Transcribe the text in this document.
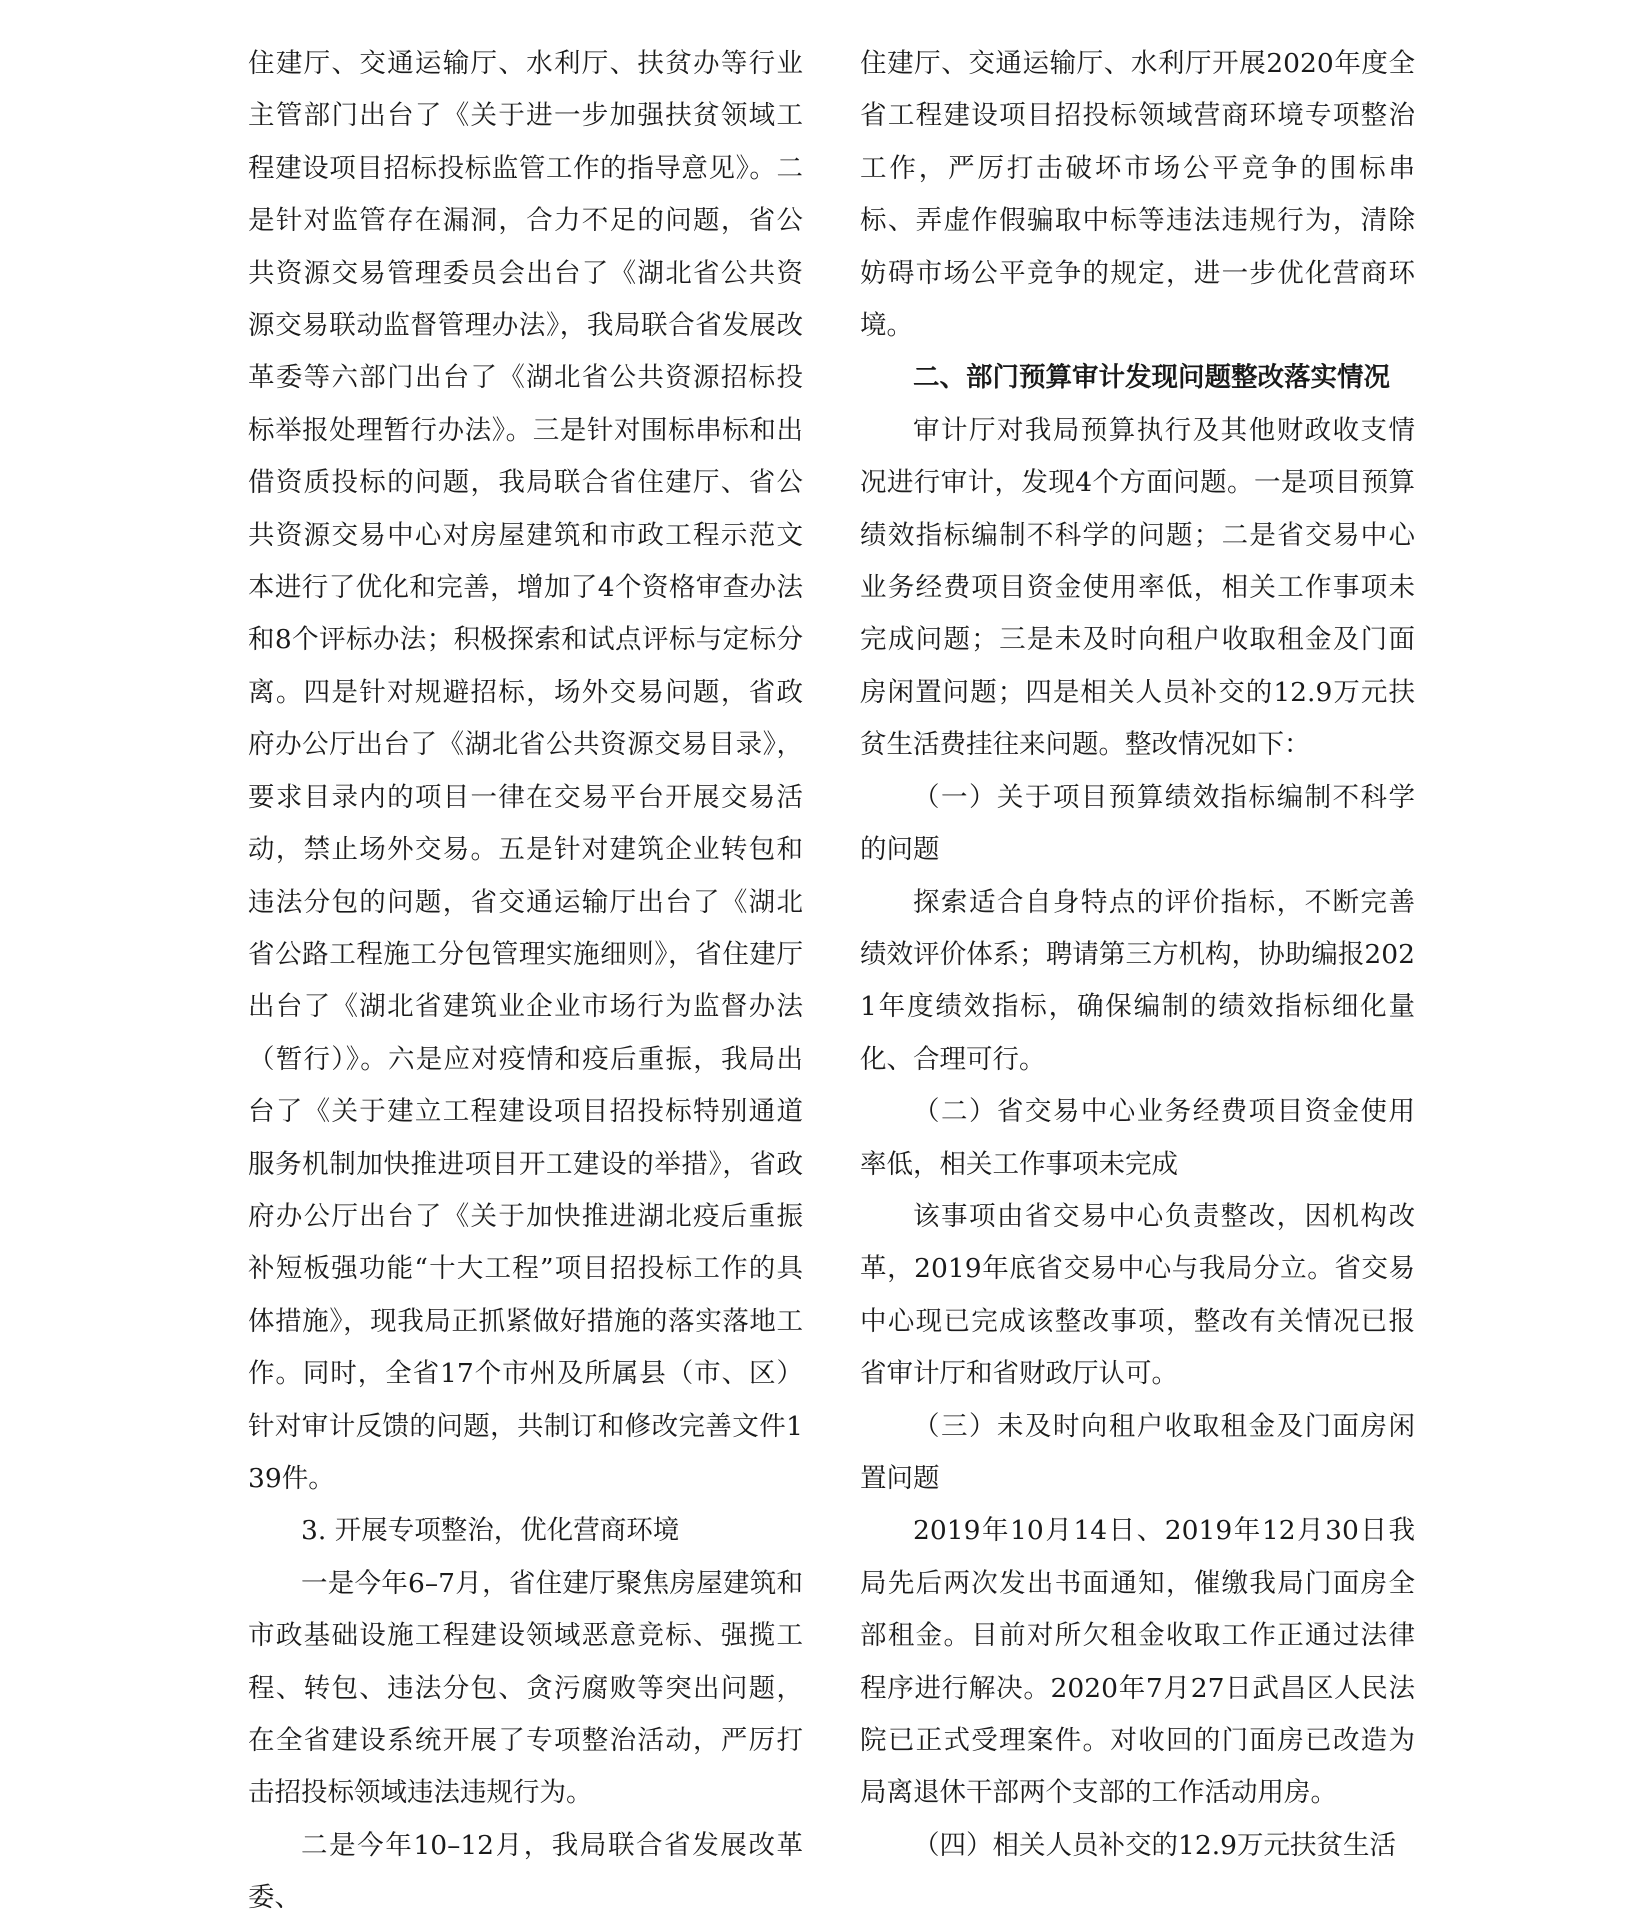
住建厅、交通运输厅、水利厅、扶贫办等行业主管部门出台了《关于进一步加强扶贫领域工程建设项目招标投标监管工作的指导意见》。二是针对监管存在漏洞，合力不足的问题，省公共资源交易管理委员会出台了《湖北省公共资源交易联动监督管理办法》，我局联合省发展改革委等六部门出台了《湖北省公共资源招标投标举报处理暂行办法》。三是针对围标串标和出借资质投标的问题，我局联合省住建厅、省公共资源交易中心对房屋建筑和市政工程示范文本进行了优化和完善，增加了4个资格审查办法和8个评标办法；积极探索和试点评标与定标分离。四是针对规避招标，场外交易问题，省政府办公厅出台了《湖北省公共资源交易目录》，要求目录内的项目一律在交易平台开展交易活动，禁止场外交易。五是针对建筑企业转包和违法分包的问题，省交通运输厅出台了《湖北省公路工程施工分包管理实施细则》，省住建厅出台了《湖北省建筑业企业市场行为监督办法（暂行）》。六是应对疫情和疫后重振，我局出台了《关于建立工程建设项目招投标特别通道服务机制加快推进项目开工建设的举措》，省政府办公厅出台了《关于加快推进湖北疫后重振补短板强功能“十大工程”项目招投标工作的具体措施》，现我局正抓紧做好措施的落实落地工作。同时，全省17个市州及所属县（市、区）针对审计反馈的问题，共制订和修改完善文件139件。

3. 开展专项整治，优化营商环境

一是今年6–7月，省住建厅聚焦房屋建筑和市政基础设施工程建设领域恶意竞标、强揽工程、转包、违法分包、贪污腐败等突出问题，在全省建设系统开展了专项整治活动，严厉打击招投标领域违法违规行为。

二是今年10–12月，我局联合省发展改革委、

住建厅、交通运输厅、水利厅开展2020年度全省工程建设项目招投标领域营商环境专项整治工作，严厉打击破坏市场公平竞争的围标串标、弄虚作假骗取中标等违法违规行为，清除妨碍市场公平竞争的规定，进一步优化营商环境。

二、部门预算审计发现问题整改落实情况

审计厅对我局预算执行及其他财政收支情况进行审计，发现4个方面问题。一是项目预算绩效指标编制不科学的问题；二是省交易中心业务经费项目资金使用率低，相关工作事项未完成问题；三是未及时向租户收取租金及门面房闲置问题；四是相关人员补交的12.9万元扶贫生活费挂往来问题。整改情况如下：

（一）关于项目预算绩效指标编制不科学的问题

探索适合自身特点的评价指标，不断完善绩效评价体系；聘请第三方机构，协助编报2021年度绩效指标，确保编制的绩效指标细化量化、合理可行。

（二）省交易中心业务经费项目资金使用率低，相关工作事项未完成

该事项由省交易中心负责整改，因机构改革，2019年底省交易中心与我局分立。省交易中心现已完成该整改事项，整改有关情况已报省审计厅和省财政厅认可。

（三）未及时向租户收取租金及门面房闲置问题

2019年10月14日、2019年12月30日我局先后两次发出书面通知，催缴我局门面房全部租金。目前对所欠租金收取工作正通过法律程序进行解决。2020年7月27日武昌区人民法院已正式受理案件。对收回的门面房已改造为局离退休干部两个支部的工作活动用房。

（四）相关人员补交的12.9万元扶贫生活
